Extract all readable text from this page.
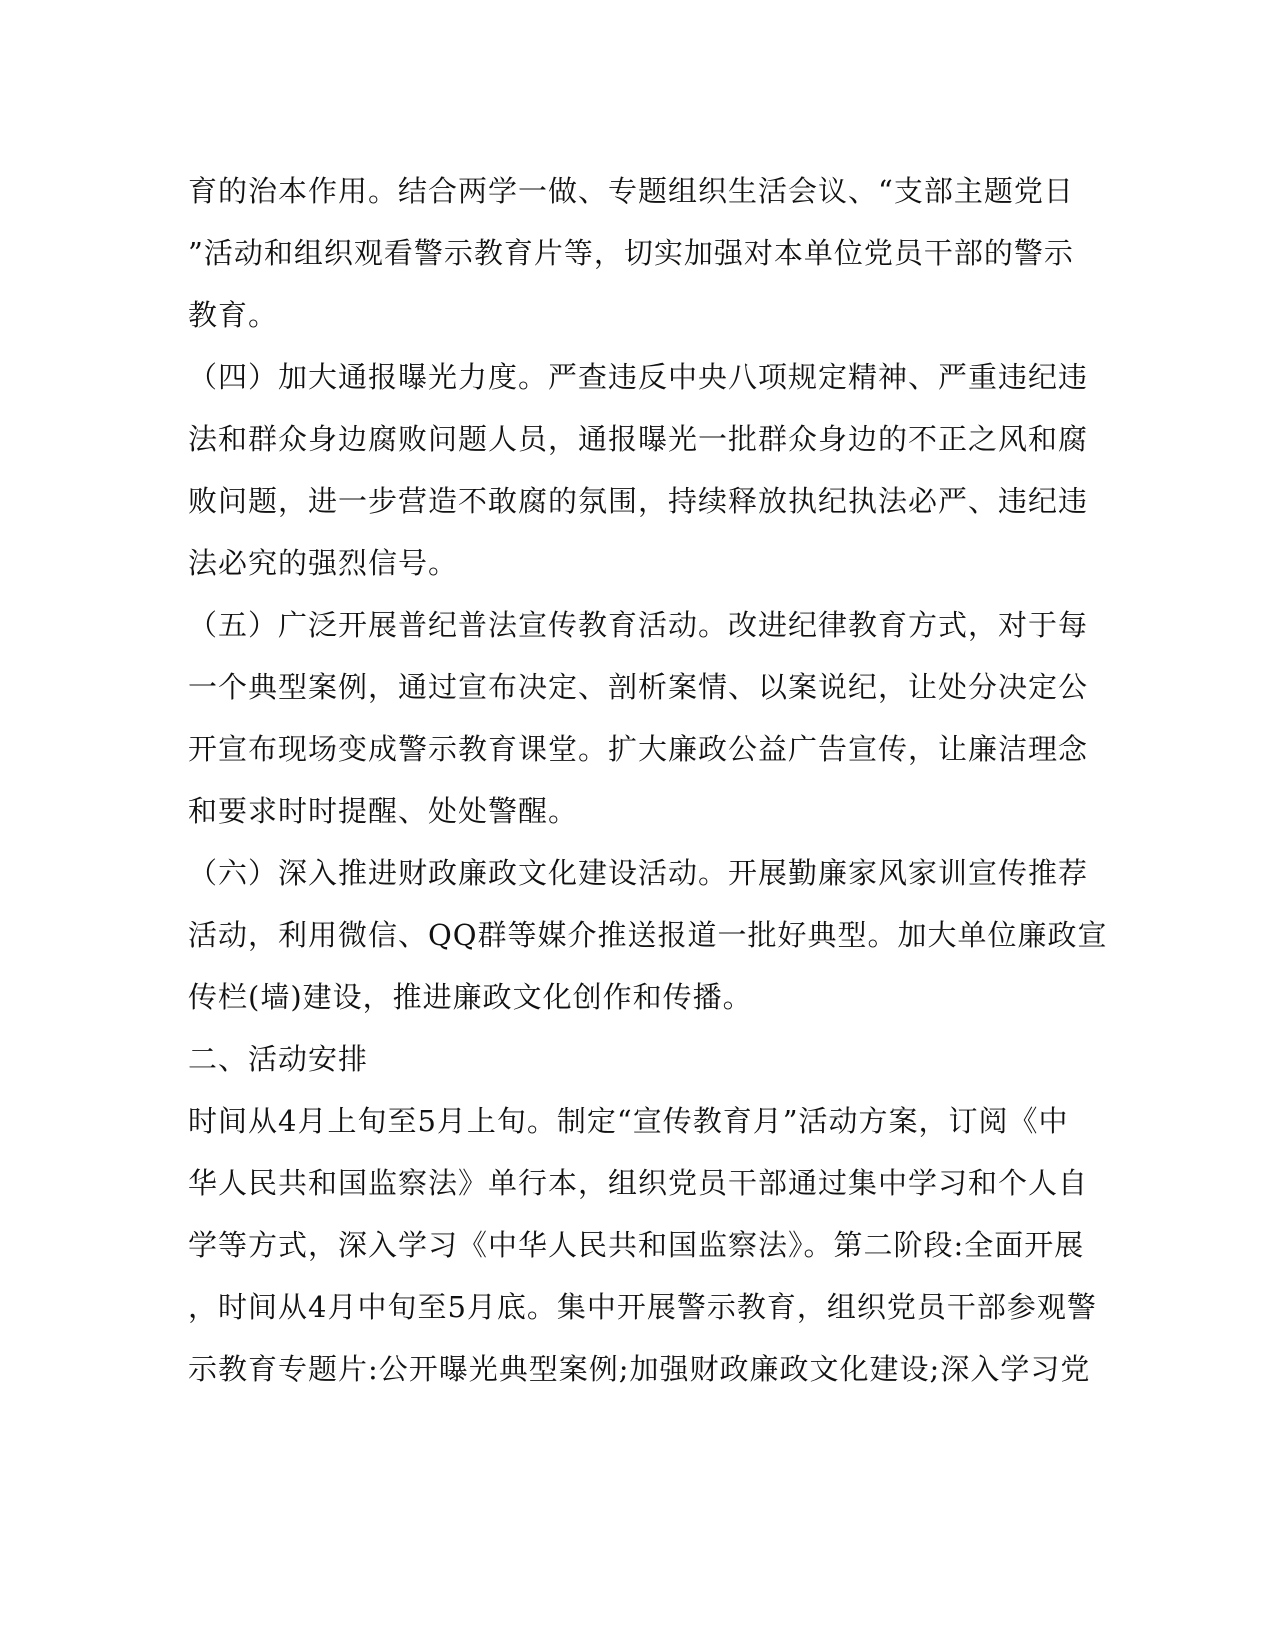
育的治本作用。结合两学一做、专题组织生活会议、“支部主题党日
”活动和组织观看警示教育片等，切实加强对本单位党员干部的警示
教育。
（四）加大通报曝光力度。严查违反中央八项规定精神、严重违纪违
法和群众身边腐败问题人员，通报曝光一批群众身边的不正之风和腐
败问题，进一步营造不敢腐的氛围，持续释放执纪执法必严、违纪违
法必究的强烈信号。
（五）广泛开展普纪普法宣传教育活动。改进纪律教育方式，对于每
一个典型案例，通过宣布决定、剖析案情、以案说纪，让处分决定公
开宣布现场变成警示教育课堂。扩大廉政公益广告宣传，让廉洁理念
和要求时时提醒、处处警醒。
（六）深入推进财政廉政文化建设活动。开展勤廉家风家训宣传推荐
活动，利用微信、QQ群等媒介推送报道一批好典型。加大单位廉政宣
传栏(墙)建设，推进廉政文化创作和传播。
二、活动安排
时间从4月上旬至5月上旬。制定“宣传教育月”活动方案，订阅《中
华人民共和国监察法》单行本，组织党员干部通过集中学习和个人自
学等方式，深入学习《中华人民共和国监察法》。第二阶段:全面开展
，时间从4月中旬至5月底。集中开展警示教育，组织党员干部参观警
示教育专题片:公开曝光典型案例;加强财政廉政文化建设;深入学习党
